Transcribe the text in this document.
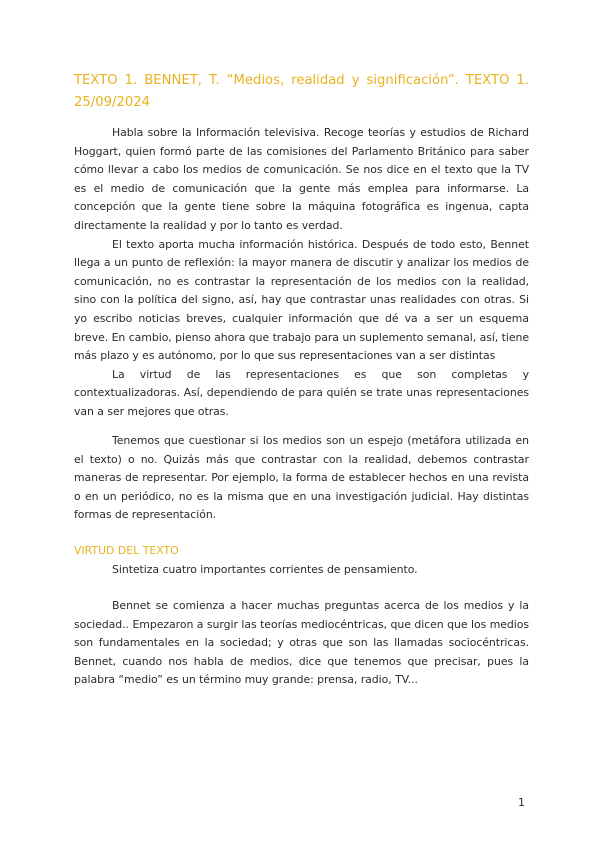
TEXTO 1. BENNET, T. “Medios, realidad y significación”. TEXTO 1.
25/09/2024

Habla sobre la Información televisiva. Recoge teorías y estudios de Richard Hoggart, quien formó parte de las comisiones del Parlamento Británico para saber cómo llevar a cabo los medios de comunicación. Se nos dice en el texto que la TV es el medio de comunicación que la gente más emplea para informarse. La concepción que la gente tiene sobre la máquina fotográfica es ingenua, capta directamente la realidad y por lo tanto es verdad.

El texto aporta mucha información histórica. Después de todo esto, Bennet llega a un punto de reflexión: la mayor manera de discutir y analizar los medios de comunicación, no es contrastar la representación de los medios con la realidad, sino con la política del signo, así, hay que contrastar unas realidades con otras. Si yo escribo noticias breves, cualquier información que dé va a ser un esquema breve. En cambio, pienso ahora que trabajo para un suplemento semanal, así, tiene más plazo y es autónomo, por lo que sus representaciones van a ser distintas

La virtud de las representaciones es que son completas y contextualizadoras. Así, dependiendo de para quién se trate unas representaciones van a ser mejores que otras.

Tenemos que cuestionar si los medios son un espejo (metáfora utilizada en el texto) o no. Quizás más que contrastar con la realidad, debemos contrastar maneras de representar. Por ejemplo, la forma de establecer hechos en una revista o en un periódico, no es la misma que en una investigación judicial. Hay distintas formas de representación.

VIRTUD DEL TEXTO

Sintetiza cuatro importantes corrientes de pensamiento.

Bennet se comienza a hacer muchas preguntas acerca de los medios y la sociedad.. Empezaron a surgir las teorías mediocéntricas, que dicen que los medios son fundamentales en la sociedad; y otras que son las llamadas sociocéntricas. Bennet, cuando nos habla de medios, dice que tenemos que precisar, pues la palabra “medio” es un término muy grande: prensa, radio, TV...

1
